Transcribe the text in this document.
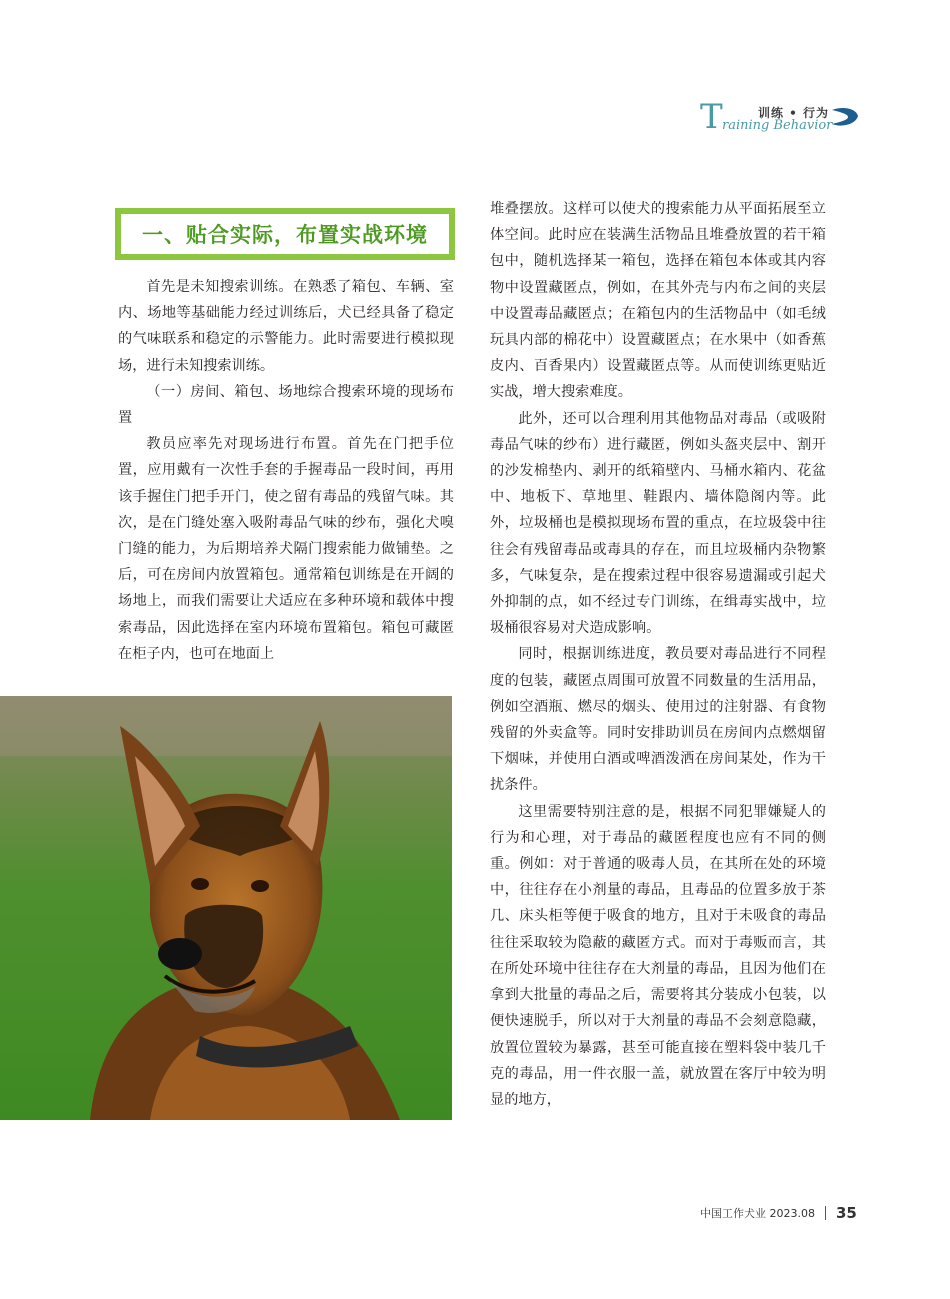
T	训练 • 行为
raining Behavior
一、贴合实际，布置实战环境

首先是未知搜索训练。在熟悉了箱包、车辆、室内、场地等基础能力经过训练后，犬已经具备了稳定的气味联系和稳定的示警能力。此时需要进行模拟现场，进行未知搜索训练。

（一）房间、箱包、场地综合搜索环境的现场布置

教员应率先对现场进行布置。首先在门把手位置，应用戴有一次性手套的手握毒品一段时间，再用该手握住门把手开门，使之留有毒品的残留气味。其次，是在门缝处塞入吸附毒品气味的纱布，强化犬嗅门缝的能力，为后期培养犬隔门搜索能力做铺垫。之后，可在房间内放置箱包。通常箱包训练是在开阔的场地上，而我们需要让犬适应在多种环境和载体中搜索毒品，因此选择在室内环境布置箱包。箱包可藏匿在柜子内，也可在地面上

堆叠摆放。这样可以使犬的搜索能力从平面拓展至立体空间。此时应在装满生活物品且堆叠放置的若干箱包中，随机选择某一箱包，选择在箱包本体或其内容物中设置藏匿点，例如，在其外壳与内布之间的夹层中设置毒品藏匿点；在箱包内的生活物品中（如毛绒玩具内部的棉花中）设置藏匿点；在水果中（如香蕉皮内、百香果内）设置藏匿点等。从而使训练更贴近实战，增大搜索难度。

此外，还可以合理利用其他物品对毒品（或吸附毒品气味的纱布）进行藏匿，例如头盔夹层中、割开的沙发棉垫内、剥开的纸箱壁内、马桶水箱内、花盆中、地板下、草地里、鞋跟内、墙体隐阁内等。此外，垃圾桶也是模拟现场布置的重点，在垃圾袋中往往会有残留毒品或毒具的存在，而且垃圾桶内杂物繁多，气味复杂，是在搜索过程中很容易遗漏或引起犬外抑制的点，如不经过专门训练，在缉毒实战中，垃圾桶很容易对犬造成影响。

同时，根据训练进度，教员要对毒品进行不同程度的包装，藏匿点周围可放置不同数量的生活用品，例如空酒瓶、燃尽的烟头、使用过的注射器、有食物残留的外卖盒等。同时安排助训员在房间内点燃烟留下烟味，并使用白酒或啤酒泼洒在房间某处，作为干扰条件。

这里需要特别注意的是，根据不同犯罪嫌疑人的行为和心理，对于毒品的藏匿程度也应有不同的侧重。例如：对于普通的吸毒人员，在其所在处的环境中，往往存在小剂量的毒品，且毒品的位置多放于茶几、床头柜等便于吸食的地方，且对于未吸食的毒品往往采取较为隐蔽的藏匿方式。而对于毒贩而言，其在所处环境中往往存在大剂量的毒品，且因为他们在拿到大批量的毒品之后，需要将其分装成小包装，以便快速脱手，所以对于大剂量的毒品不会刻意隐藏，放置位置较为暴露，甚至可能直接在塑料袋中装几千克的毒品，用一件衣服一盖，就放置在客厅中较为明显的地方，

中国工作犬业 2023.08 35
